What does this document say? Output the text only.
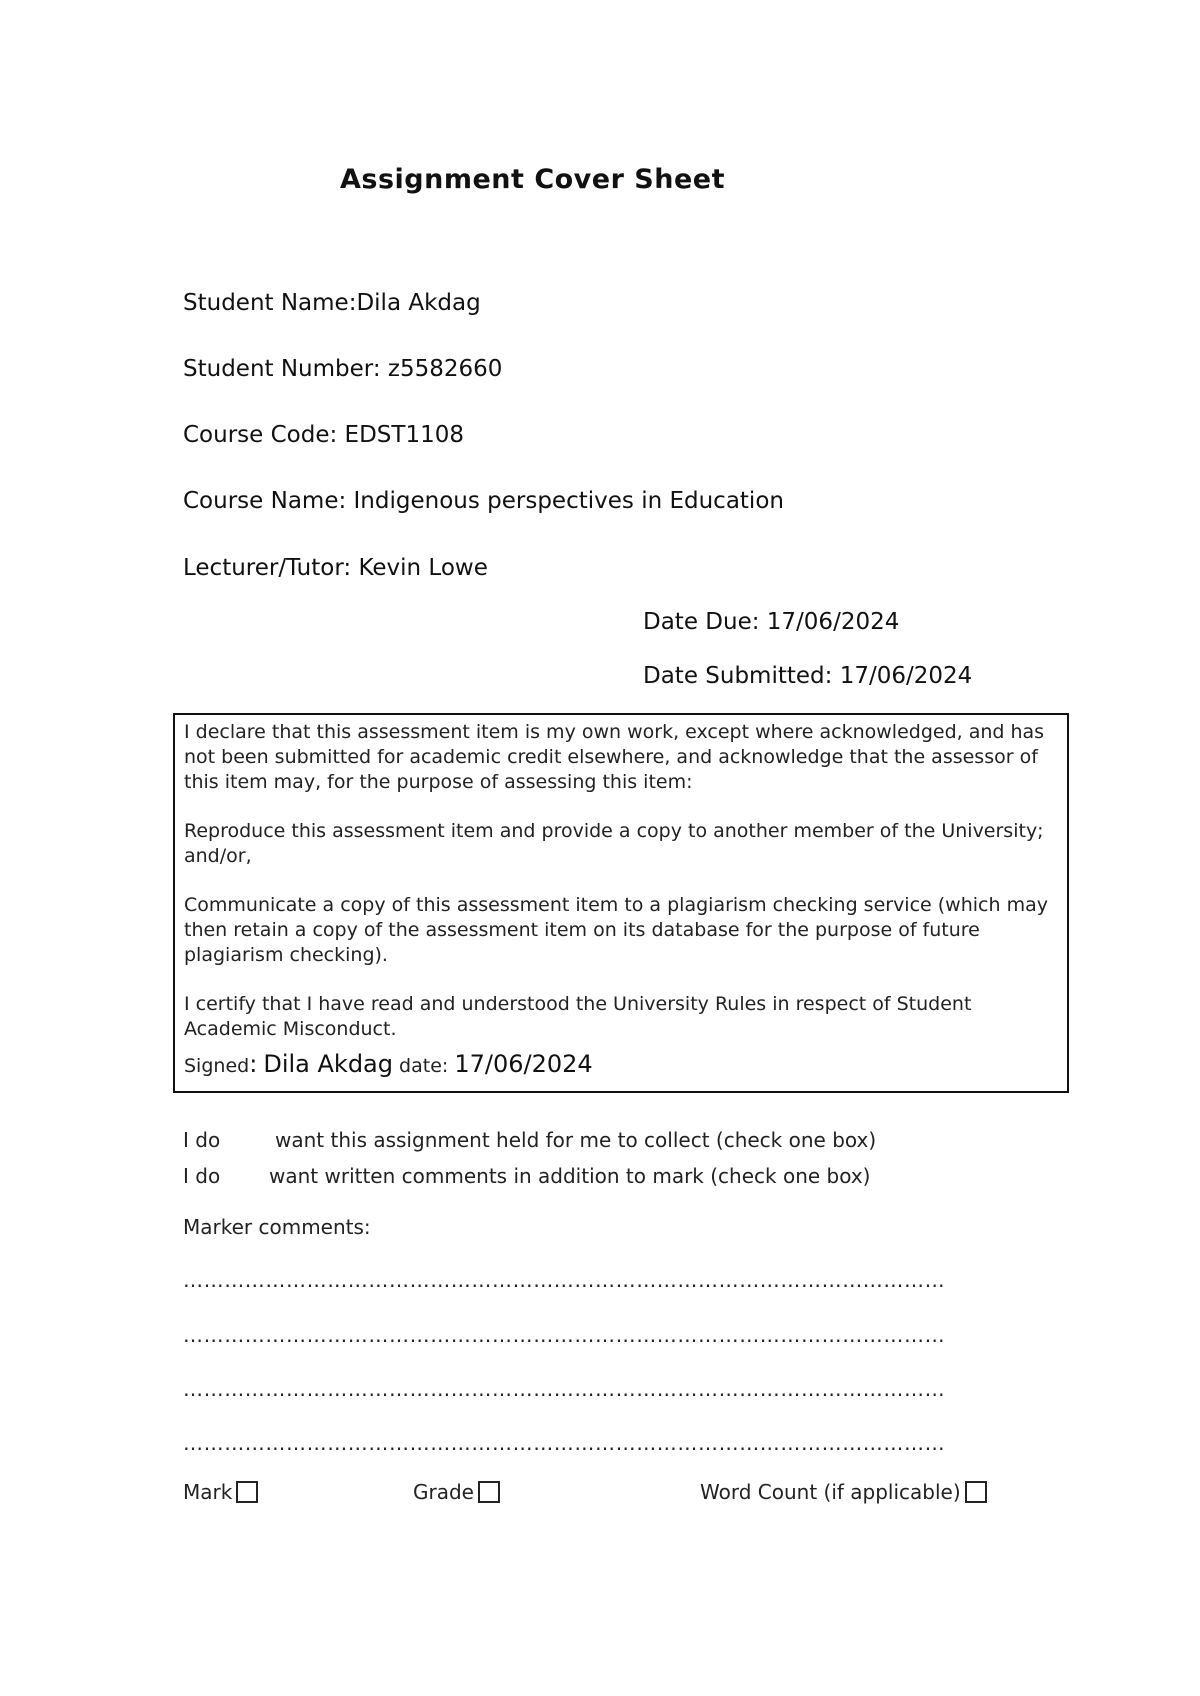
Assignment Cover Sheet
Student Name:Dila Akdag
Student Number: z5582660
Course Code: EDST1108
Course Name: Indigenous perspectives in Education
Lecturer/Tutor: Kevin Lowe
Date Due: 17/06/2024
Date Submitted: 17/06/2024

I declare that this assessment item is my own work, except where acknowledged, and has not been submitted for academic credit elsewhere, and acknowledge that the assessor of this item may, for the purpose of assessing this item:

Reproduce this assessment item and provide a copy to another member of the University; and/or,

Communicate a copy of this assessment item to a plagiarism checking service (which may then retain a copy of the assessment item on its database for the purpose of future plagiarism checking).

I certify that I have read and understood the University Rules in respect of Student Academic Misconduct.

Signed: Dila Akdag date: 17/06/2024
I do	want this assignment held for me to collect (check one box)
I do want written comments in addition to mark (check one box)
Marker comments:
…………………………………………………………………………………………………
…………………………………………………………………………………………………
…………………………………………………………………………………………………
…………………………………………………………………………………………………
Mark	Grade	Word Count (if applicable)
